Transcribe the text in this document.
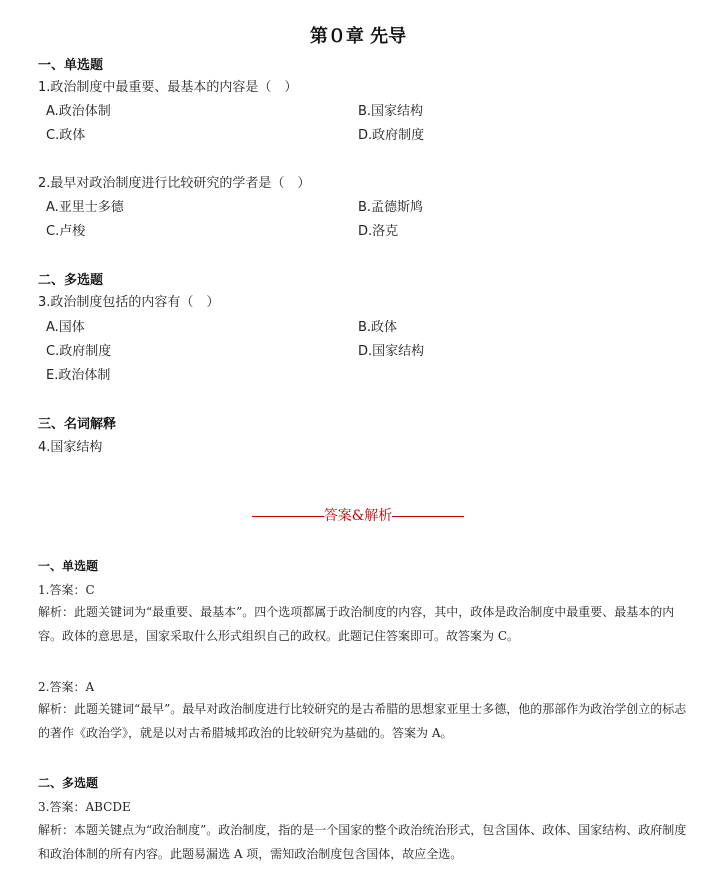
第０章 先导
一、单选题
1.政治制度中最重要、最基本的内容是（　）
A.政治体制	B.国家结构
C.政体	D.政府制度
2.最早对政治制度进行比较研究的学者是（　）
A.亚里士多德	B.孟德斯鸠
C.卢梭	D.洛克
二、多选题
3.政治制度包括的内容有（　）
A.国体	B.政体
C.政府制度	D.国家结构
E.政治体制
三、名词解释
4.国家结构
答案&解析
一、单选题
1.答案：C
解析：此题关键词为“最重要、最基本”。四个选项都属于政治制度的内容，其中，政体是政治制度中最重要、最基本的内容。政体的意思是，国家采取什么形式组织自己的政权。此题记住答案即可。故答案为 C。
2.答案：A
解析：此题关键词“最早”。最早对政治制度进行比较研究的是古希腊的思想家亚里士多德，他的那部作为政治学创立的标志的著作《政治学》，就是以对古希腊城邦政治的比较研究为基础的。答案为 A。
二、多选题
3.答案：ABCDE
解析：本题关键点为“政治制度”。政治制度，指的是一个国家的整个政治统治形式，包含国体、政体、国家结构、政府制度和政治体制的所有内容。此题易漏选 A 项，需知政治制度包含国体，故应全选。
